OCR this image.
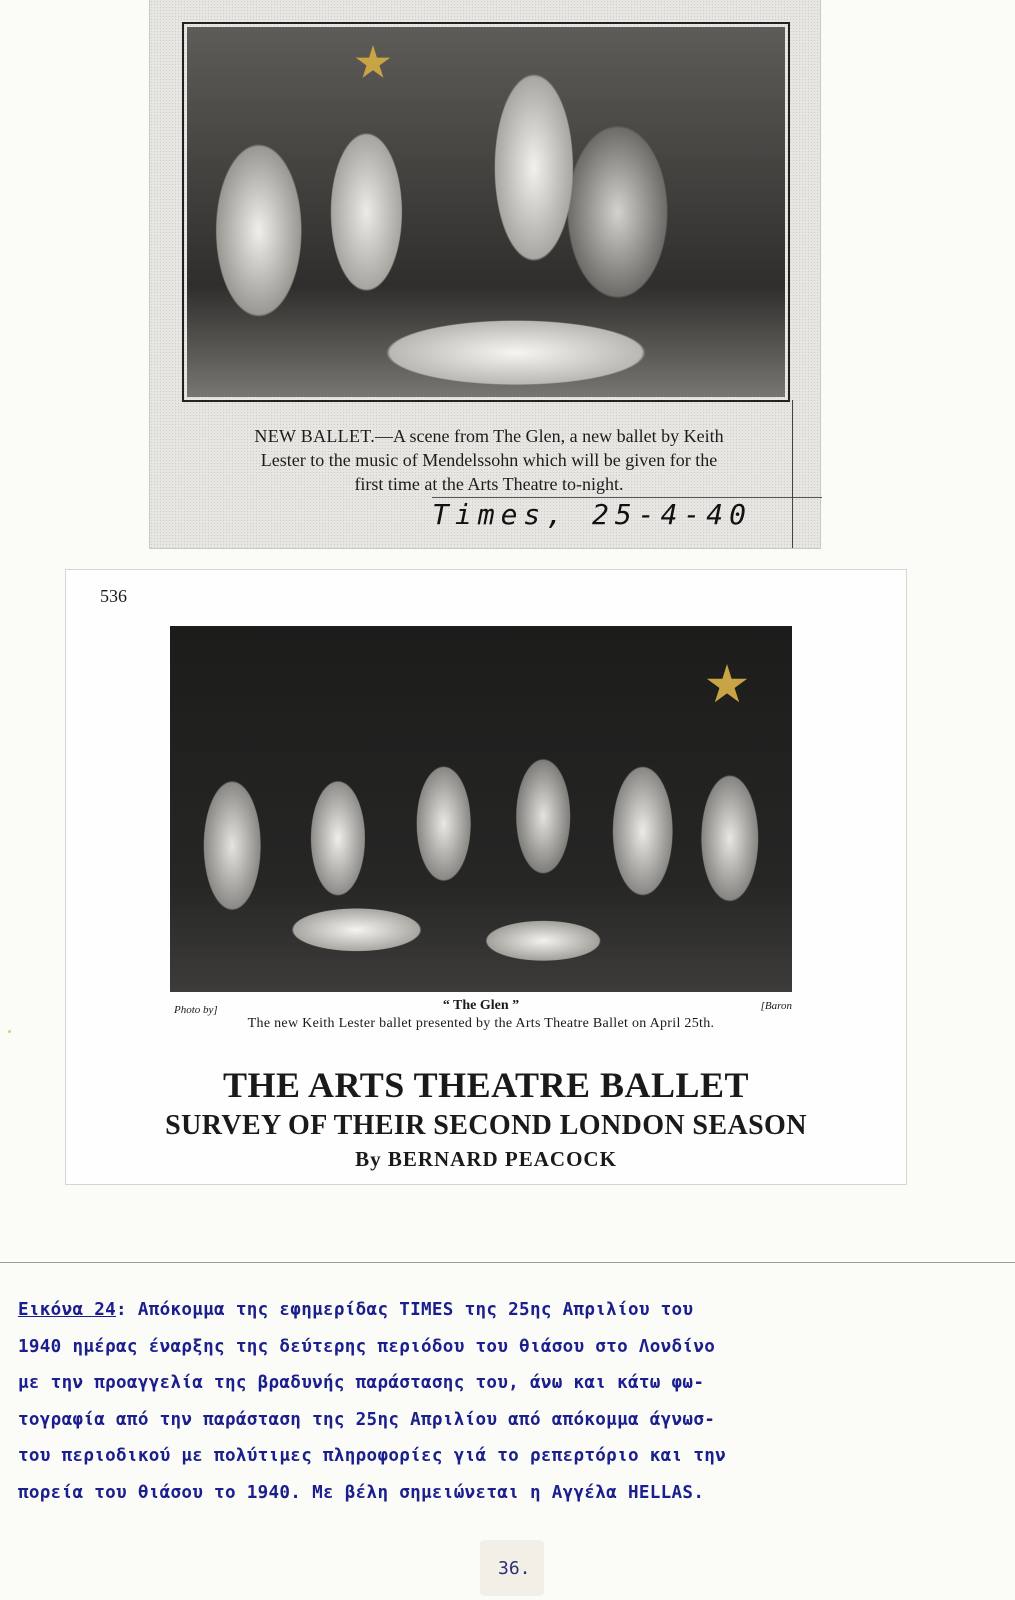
NEW BALLET.—A scene from The Glen, a new ballet by Keith
Lester to the music of Mendelssohn which will be given for the
first time at the Arts Theatre to-night.
Times, 25-4-40
536
Photo by]	“ The Glen ”	[Baron
The new Keith Lester ballet presented by the Arts Theatre Ballet on April 25th.
THE ARTS THEATRE BALLET
SURVEY OF THEIR SECOND LONDON SEASON
By BERNARD PEACOCK
Εικόνα 24: Απόκομμα της εφημερίδας TIMES της 25ης Απριλίου του
1940 ημέρας έναρξης της δεύτερης περιόδου του θιάσου στο Λονδίνο
με την προαγγελία της βραδυνής παράστασης του, άνω και κάτω φω-
τογραφία από την παράσταση της 25ης Απριλίου από απόκομμα άγνωσ-
του περιοδικού με πολύτιμες πληροφορίες γιά το ρεπερτόριο και την
πορεία του θιάσου το 1940. Με βέλη σημειώνεται η Αγγέλα HELLAS.
36.
